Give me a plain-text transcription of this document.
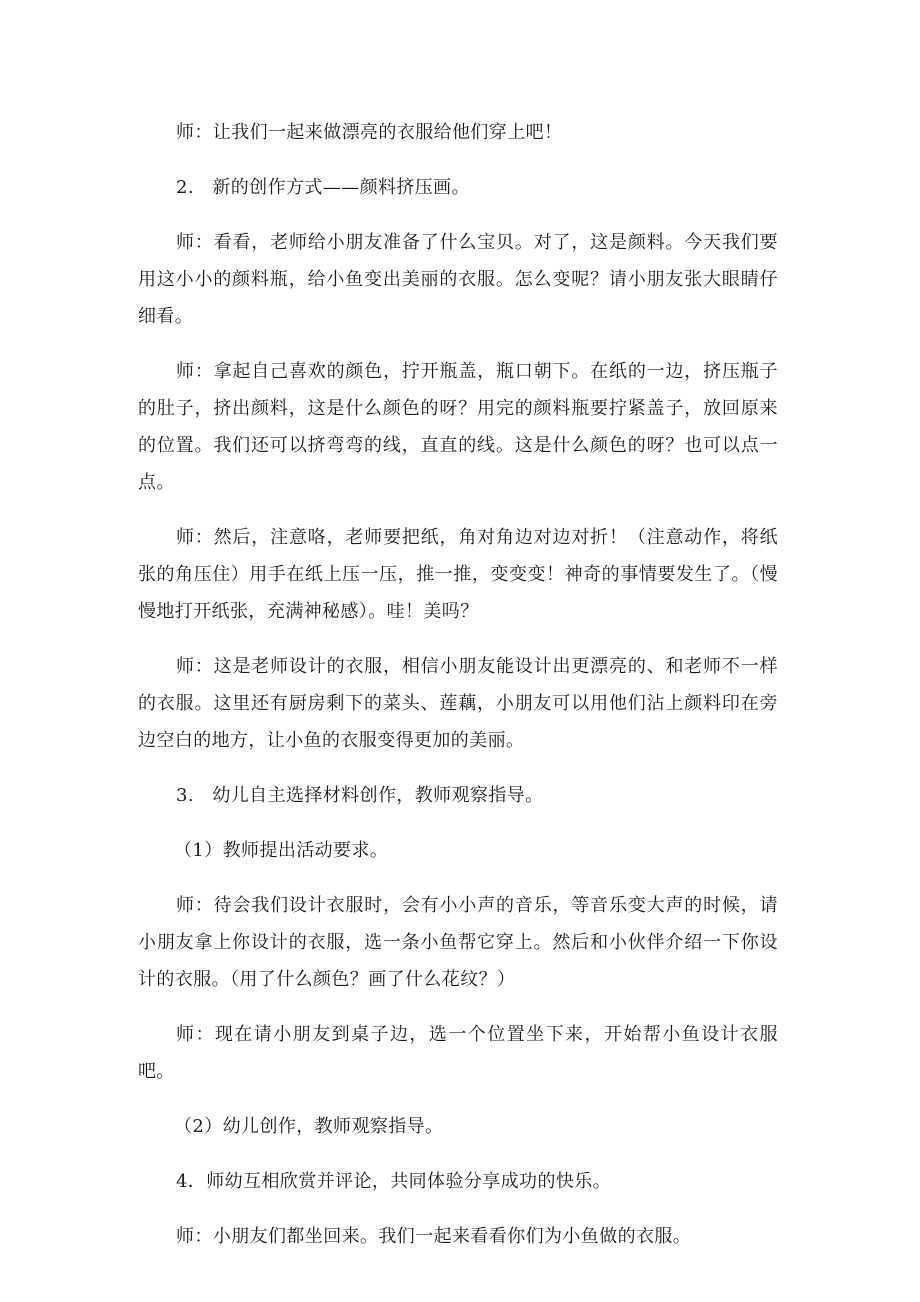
师：让我们一起来做漂亮的衣服给他们穿上吧！

2.　新的创作方式——颜料挤压画。

师：看看，老师给小朋友准备了什么宝贝。对了，这是颜料。今天我们要用这小小的颜料瓶，给小鱼变出美丽的衣服。怎么变呢？请小朋友张大眼睛仔细看。

师：拿起自己喜欢的颜色，拧开瓶盖，瓶口朝下。在纸的一边，挤压瓶子的肚子，挤出颜料，这是什么颜色的呀？用完的颜料瓶要拧紧盖子，放回原来的位置。我们还可以挤弯弯的线，直直的线。这是什么颜色的呀？也可以点一点。

师：然后，注意咯，老师要把纸，角对角边对边对折！（注意动作，将纸张的角压住）用手在纸上压一压，推一推，变变变！神奇的事情要发生了。（慢慢地打开纸张，充满神秘感）。哇！美吗？

师：这是老师设计的衣服，相信小朋友能设计出更漂亮的、和老师不一样的衣服。这里还有厨房剩下的菜头、莲藕，小朋友可以用他们沾上颜料印在旁边空白的地方，让小鱼的衣服变得更加的美丽。

3.　幼儿自主选择材料创作，教师观察指导。

（1）教师提出活动要求。

师：待会我们设计衣服时，会有小小声的音乐，等音乐变大声的时候，请小朋友拿上你设计的衣服，选一条小鱼帮它穿上。然后和小伙伴介绍一下你设计的衣服。（用了什么颜色？画了什么花纹？）

师：现在请小朋友到桌子边，选一个位置坐下来，开始帮小鱼设计衣服吧。

（2）幼儿创作，教师观察指导。

4．师幼互相欣赏并评论，共同体验分享成功的快乐。

师：小朋友们都坐回来。我们一起来看看你们为小鱼做的衣服。
